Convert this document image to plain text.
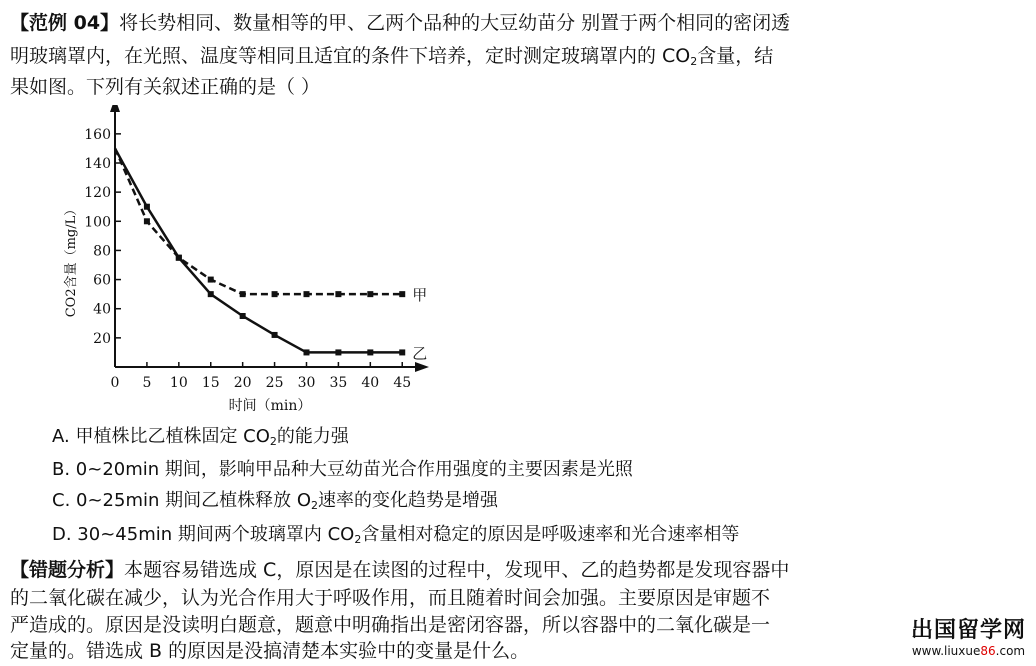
【范例 04】将长势相同、数量相等的甲、乙两个品种的大豆幼苗分 别置于两个相同的密闭透
明玻璃罩内，在光照、温度等相同且适宜的条件下培养，定时测定玻璃罩内的 $CO_2$含量，结
果如图。下列有关叙述正确的是（ ）
20
40
60
80
100
120
140
160
0 5 10 15 20 25 30 35 40 45
甲
乙
CO2含量（mg/L）
时间（min）
A. 甲植株比乙植株固定 $CO_2$的能力强
B. 0~20min 期间，影响甲品种大豆幼苗光合作用强度的主要因素是光照
C. 0~25min 期间乙植株释放 $O_2$速率的变化趋势是增强
D. 30~45min 期间两个玻璃罩内 $CO_2$含量相对稳定的原因是呼吸速率和光合速率相等
【错题分析】本题容易错选成 C，原因是在读图的过程中，发现甲、乙的趋势都是发现容器中
的二氧化碳在减少，认为光合作用大于呼吸作用，而且随着时间会加强。主要原因是审题不
严造成的。原因是没读明白题意，题意中明确指出是密闭容器，所以容器中的二氧化碳是一
定量的。错选成 B 的原因是没搞清楚本实验中的变量是什么。
出国留学网
www.liuxue86.com
